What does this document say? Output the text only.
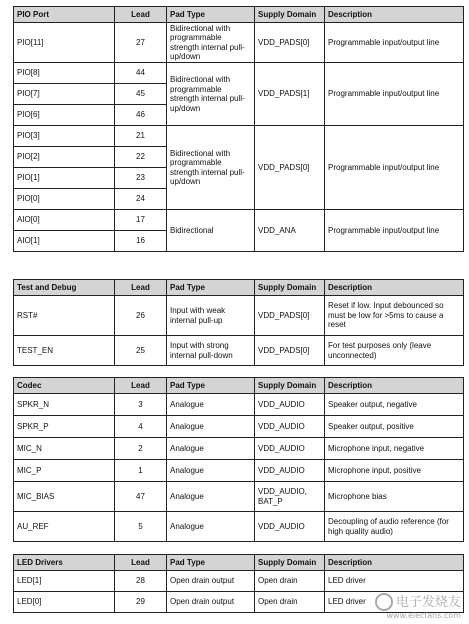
PIO Port	Lead	Pad Type	Supply Domain	Description
PIO[11]	27	Bidirectional with programmable strength internal pull-up/down	VDD_PADS[0]	Programmable input/output line
PIO[8]	44	Bidirectional with programmable strength internal pull-up/down	VDD_PADS[1]	Programmable input/output line
PIO[7]	45			
PIO[6]	46			
PIO[3]	21	Bidirectional with programmable strength internal pull-up/down	VDD_PADS[0]	Programmable input/output line
PIO[2]	22			
PIO[1]	23			
PIO[0]	24			
AIO[0]	17	Bidirectional	VDD_ANA	Programmable input/output line
AIO[1]	16			
Test and Debug	Lead	Pad Type	Supply Domain	Description
RST#	26	Input with weak internal pull-up	VDD_PADS[0]	Reset if low. Input debounced so must be low for >5ms to cause a reset
TEST_EN	25	Input with strong internal pull-down	VDD_PADS[0]	For test purposes only (leave unconnected)
Codec	Lead	Pad Type	Supply Domain	Description
SPKR_N	3	Analogue	VDD_AUDIO	Speaker output, negative
SPKR_P	4	Analogue	VDD_AUDIO	Speaker output, positive
MIC_N	2	Analogue	VDD_AUDIO	Microphone input, negative
MIC_P	1	Analogue	VDD_AUDIO	Microphone input, positive
MIC_BIAS	47	Analogue	VDD_AUDIO, BAT_P	Microphone bias
AU_REF	5	Analogue	VDD_AUDIO	Decoupling of audio reference (for high quality audio)
LED Drivers	Lead	Pad Type	Supply Domain	Description
LED[1]	28	Open drain output	Open drain	LED driver
LED[0]	29	Open drain output	Open drain	LED driver	电子发烧友
www.elecfans.com
